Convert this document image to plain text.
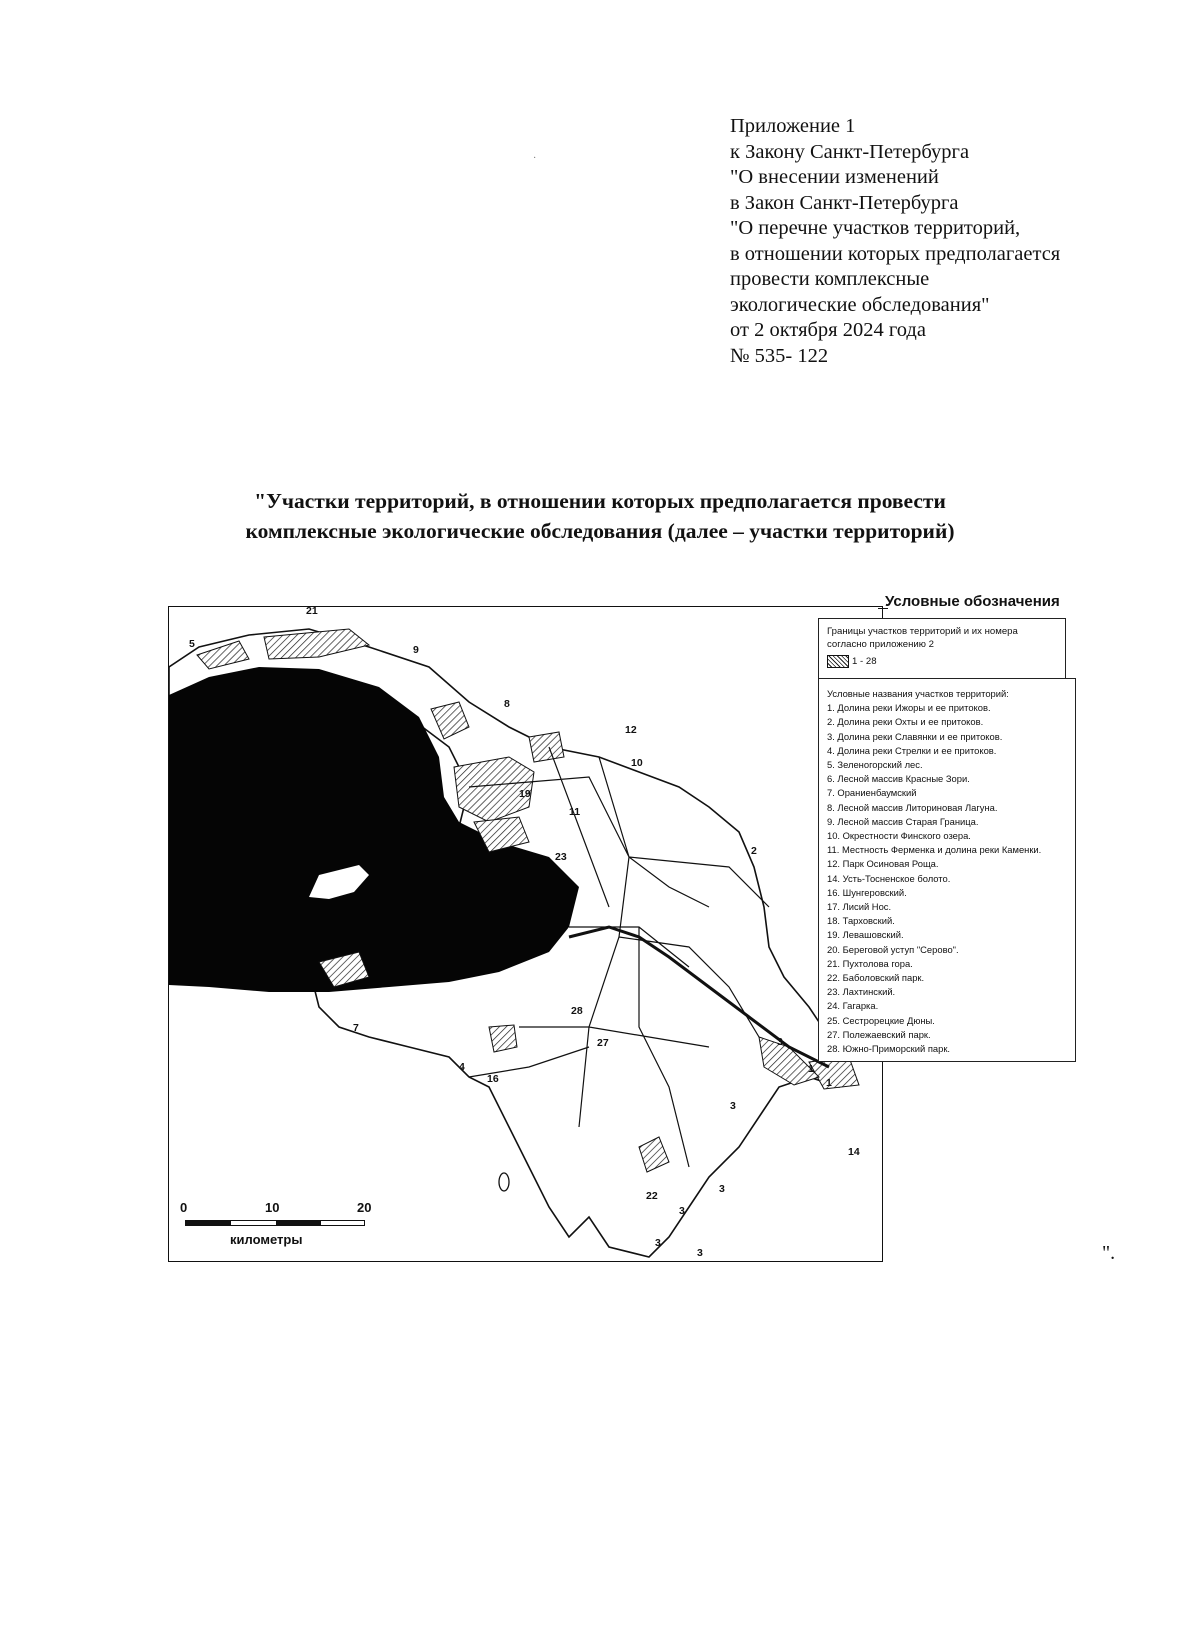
·
Приложение 1
к Закону Санкт-Петербурга
"О внесении изменений
в Закон Санкт-Петербурга
"О перечне участков территорий,
в отношении которых предполагается
провести комплексные
экологические обследования"
от 2 октября 2024 года
№ 535- 122
"Участки территорий, в отношении которых предполагается провести
комплексные экологические обследования (далее – участки территорий)
21
5	9
8
12
10
19
11
23	2
7
4
16
3
1
14
22
27
28
3
3
3
3
3
1
Условные обозначения
Границы участков территорий и их номера
согласно приложению 2
1 - 28
Условные названия участков территорий:
1. Долина реки Ижоры и ее притоков.
2. Долина реки Охты и ее притоков.
3. Долина реки Славянки и ее притоков.
4. Долина реки Стрелки и ее притоков.
5. Зеленогорский лес.
6. Лесной массив Красные Зори.
7. Ораниенбаумский
8. Лесной массив Литориновая Лагуна.
9. Лесной массив Старая Граница.
10. Окрестности Финского озера.
11. Местность Ферменка и долина реки Каменки.
12. Парк Осиновая Роща.
14. Усть-Тосненское болото.
16. Шунгеровский.
17. Лисий Нос.
18. Тарховский.
19. Левашовский.
20. Береговой уступ "Серово".
21. Пухтолова гора.
22. Баболовский парк.
23. Лахтинский.
24. Гагарка.
25. Сестрорецкие Дюны.
27. Полежаевский парк.
28. Южно-Приморский парк.
0	10	20
километры
".
